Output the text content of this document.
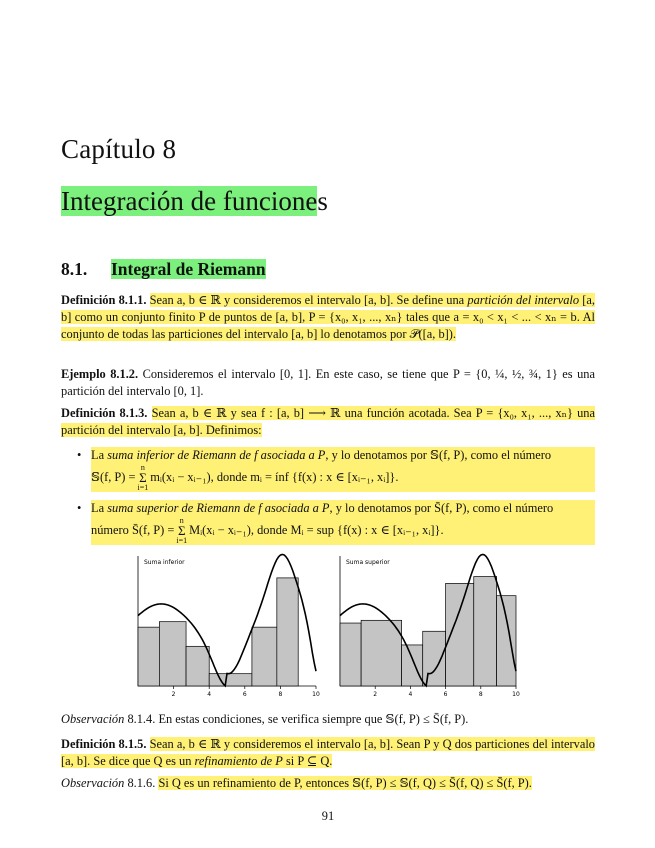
Capítulo 8
Integración de funciones
8.1. Integral de Riemann
Definición 8.1.1. Sean a, b ∈ ℝ y consideremos el intervalo [a, b]. Se define una partición del intervalo [a, b] como un conjunto finito P de puntos de [a, b], P = {x₀, x₁, ..., xₙ} tales que a = x₀ < x₁ < ... < xₙ = b. Al conjunto de todas las particiones del intervalo [a, b] lo denotamos por 𝒫([a, b]).
Ejemplo 8.1.2. Consideremos el intervalo [0, 1]. En este caso, se tiene que P = {0, ¼, ½, ¾, 1} es una partición del intervalo [0, 1].
Definición 8.1.3. Sean a, b ∈ ℝ y sea f : [a, b] ⟶ ℝ una función acotada. Sea P = {x₀, x₁, ..., xₙ} una partición del intervalo [a, b]. Definimos:
• La suma inferior de Riemann de f asociada a P, y lo denotamos por 𝕊(f, P), como el número
𝕊(f, P) =n
Σ
i=1mᵢ(xᵢ − xᵢ₋₁), donde mᵢ = ínf {f(x) : x ∈ [xᵢ₋₁, xᵢ]}.
• La suma superior de Riemann de f asociada a P, y lo denotamos por S̄(f, P), como el número
número S̄(f, P) =n
Σ
i=1Mᵢ(xᵢ − xᵢ₋₁), donde Mᵢ = sup {f(x) : x ∈ [xᵢ₋₁, xᵢ]}.
2	4	6	8	10
Suma inferior
2	4	6	8	10
Suma superior
Observación 8.1.4. En estas condiciones, se verifica siempre que 𝕊(f, P) ≤ S̄(f, P).
Definición 8.1.5. Sean a, b ∈ ℝ y consideremos el intervalo [a, b]. Sean P y Q dos particiones del intervalo [a, b]. Se dice que Q es un refinamiento de P si P ⊆ Q.
Observación 8.1.6. Si Q es un refinamiento de P, entonces 𝕊(f, P) ≤ 𝕊(f, Q) ≤ S̄(f, Q) ≤ S̄(f, P).
91
